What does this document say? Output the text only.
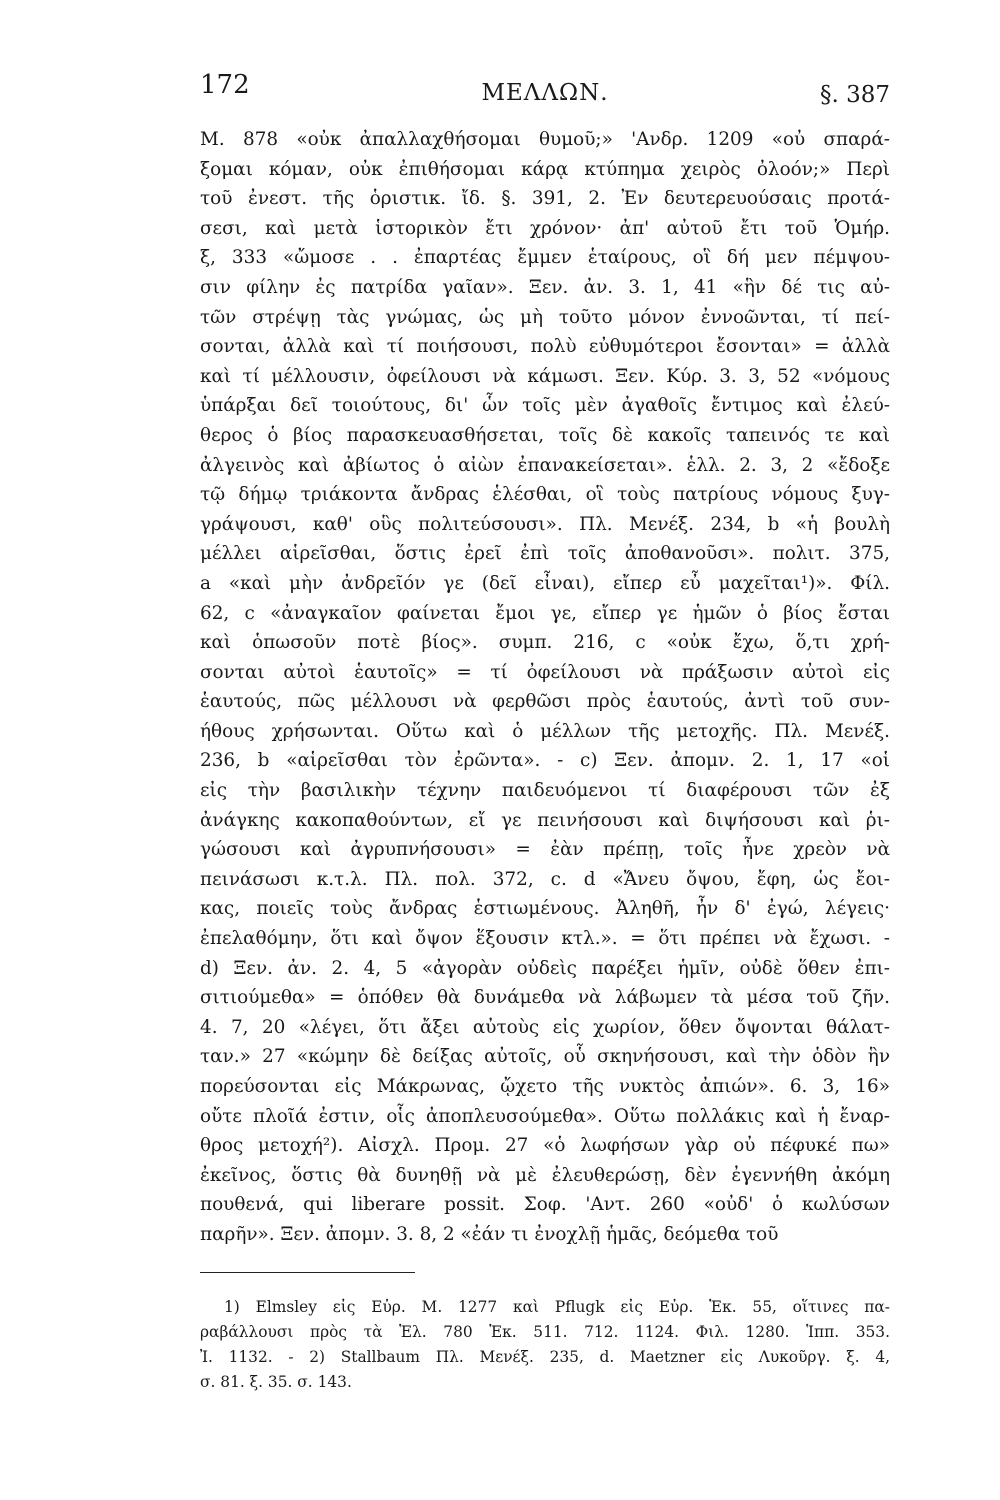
172	ΜΕΛΛΩΝ.	§. 387
Μ. 878 «οὐκ ἀπαλλαχθήσομαι θυμοῦ;» 'Ανδρ. 1209 «οὐ σπαρά-
ξομαι κόμαν, οὐκ ἐπιθήσομαι κάρᾳ κτύπημα χειρὸς ὀλοόν;» Περὶ
τοῦ ἐνεστ. τῆς ὁριστικ. ἴδ. §. 391, 2. Ἐν δευτερευούσαις προτά-
σεσι, καὶ μετὰ ἱστορικὸν ἔτι χρόνον· ἀπ' αὐτοῦ ἔτι τοῦ Ὁμήρ.
ξ, 333 «ὤμοσε . . ἐπαρτέας ἔμμεν ἑταίρους, οἳ δή μεν πέμψου-
σιν φίλην ἐς πατρίδα γαῖαν». Ξεν. ἀν. 3. 1, 41 «ἣν δέ τις αὐ-
τῶν στρέψῃ τὰς γνώμας, ὡς μὴ τοῦτο μόνον ἐννοῶνται, τί πεί-
σονται, ἀλλὰ καὶ τί ποιήσουσι, πολὺ εὐθυμότεροι ἔσονται» = ἀλλὰ
καὶ τί μέλλουσιν, ὀφείλουσι νὰ κάμωσι. Ξεν. Κύρ. 3. 3, 52 «νόμους
ὑπάρξαι δεῖ τοιούτους, δι' ὧν τοῖς μὲν ἀγαθοῖς ἔντιμος καὶ ἐλεύ-
θερος ὁ βίος παρασκευασθήσεται, τοῖς δὲ κακοῖς ταπεινός τε καὶ
ἀλγεινὸς καὶ ἀβίωτος ὁ αἰὼν ἐπανακείσεται». ἑλλ. 2. 3, 2 «ἔδοξε
τῷ δήμῳ τριάκοντα ἄνδρας ἑλέσθαι, οἳ τοὺς πατρίους νόμους ξυγ-
γράψουσι, καθ' οὓς πολιτεύσουσι». Πλ. Μενέξ. 234, b «ἡ βουλὴ
μέλλει αἱρεῖσθαι, ὅστις ἐρεῖ ἐπὶ τοῖς ἀποθανοῦσι». πολιτ. 375,
a «καὶ μὴν ἀνδρεῖόν γε (δεῖ εἶναι), εἴπερ εὖ μαχεῖται¹)». Φίλ.
62, c «ἀναγκαῖον φαίνεται ἔμοι γε, εἴπερ γε ἡμῶν ὁ βίος ἔσται
καὶ ὁπωσοῦν ποτὲ βίος». συμπ. 216, c «οὐκ ἔχω, ὅ,τι χρή-
σονται αὐτοὶ ἑαυτοῖς» = τί ὀφείλουσι νὰ πράξωσιν αὐτοὶ εἰς
ἑαυτούς, πῶς μέλλουσι νὰ φερθῶσι πρὸς ἑαυτούς, ἀντὶ τοῦ συν-
ήθους χρήσωνται. Οὕτω καὶ ὁ μέλλων τῆς μετοχῆς. Πλ. Μενέξ.
236, b «αἱρεῖσθαι τὸν ἐρῶντα». - c) Ξεν. ἀπομν. 2. 1, 17 «οἱ
εἰς τὴν βασιλικὴν τέχνην παιδευόμενοι τί διαφέρουσι τῶν ἐξ
ἀνάγκης κακοπαθούντων, εἴ γε πεινήσουσι καὶ διψήσουσι καὶ ῥι-
γώσουσι καὶ ἀγρυπνήσουσι» = ἐὰν πρέπῃ, τοῖς ἦνε χρεὸν νὰ
πεινάσωσι κ.τ.λ. Πλ. πολ. 372, c. d «Ἄνευ ὄψου, ἔφη, ὡς ἔοι-
κας, ποιεῖς τοὺς ἄνδρας ἑστιωμένους. Ἀληθῆ, ἦν δ' ἐγώ, λέγεις·
ἐπελαθόμην, ὅτι καὶ ὄψον ἕξουσιν κτλ.». = ὅτι πρέπει νὰ ἔχωσι. -
d) Ξεν. ἀν. 2. 4, 5 «ἀγορὰν οὐδεὶς παρέξει ἡμῖν, οὐδὲ ὅθεν ἐπι-
σιτιούμεθα» = ὁπόθεν θὰ δυνάμεθα νὰ λάβωμεν τὰ μέσα τοῦ ζῆν.
4. 7, 20 «λέγει, ὅτι ἄξει αὐτοὺς εἰς χωρίον, ὅθεν ὄψονται θάλατ-
ταν.» 27 «κώμην δὲ δείξας αὐτοῖς, οὗ σκηνήσουσι, καὶ τὴν ὁδὸν ἣν
πορεύσονται εἰς Μάκρωνας, ᾤχετο τῆς νυκτὸς ἀπιών». 6. 3, 16»
οὔτε πλοῖά ἐστιν, οἷς ἀποπλευσούμεθα». Οὕτω πολλάκις καὶ ἡ ἔναρ-
θρος μετοχή²). Αἰσχλ. Προμ. 27 «ὁ λωφήσων γὰρ οὐ πέφυκέ πω»
ἐκεῖνος, ὅστις θὰ δυνηθῇ νὰ μὲ ἐλευθερώσῃ, δὲν ἐγεννήθη ἀκόμη
πουθενά, qui liberare possit. Σοφ. 'Αντ. 260 «οὐδ' ὁ κωλύσων
παρῆν». Ξεν. ἀπομν. 3. 8, 2 «ἐάν τι ἐνοχλῇ ἡμᾶς, δεόμεθα τοῦ
1) Elmsley εἰς Εὐρ. Μ. 1277 καὶ Pflugk εἰς Εὐρ. Ἑκ. 55, οἵτινες πα-
ραβάλλουσι πρὸς τὰ Ἑλ. 780 Ἑκ. 511. 712. 1124. Φιλ. 1280. Ἱππ. 353.
Ἰ. 1132. - 2) Stallbaum Πλ. Μενέξ. 235, d. Maetzner εἰς Λυκοῦργ. ξ. 4,
σ. 81. ξ. 35. σ. 143.
